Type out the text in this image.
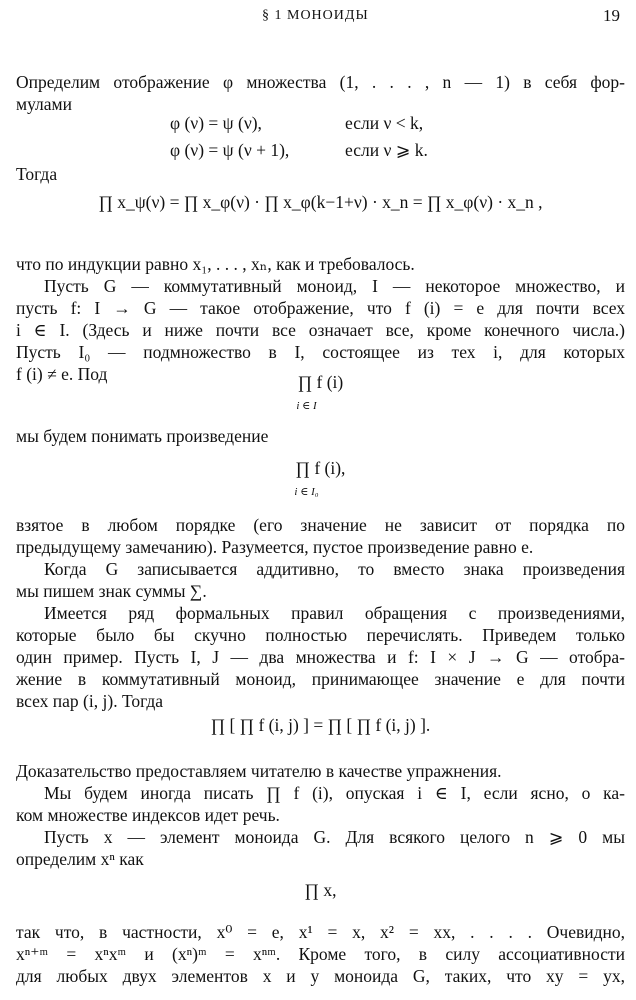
§ 1 МОНОИДЫ	19
Определим отображение φ множества (1, . . . , n — 1) в себя фор-
мулами
φ (ν) = ψ (ν),	если ν < k,
φ (ν) = ψ (ν + 1),	если ν ⩾ k.
Тогда
∏ x_ψ(ν) = ∏ x_φ(ν) · ∏ x_φ(k−1+ν) · x_n = ∏ x_φ(ν) · x_n ,
что по индукции равно x₁, . . . , xₙ, как и требовалось.
Пусть G — коммутативный моноид, I — некоторое множество, и
пусть f: I → G — такое отображение, что f (i) = e для почти всех
i ∈ I. (Здесь и ниже почти все означает все, кроме конечного числа.)
Пусть I₀ — подмножество в I, состоящее из тех i, для которых
f (i) ≠ e. Под	∏ f (i)
i ∈ I
мы будем понимать произведение
∏ f (i),
i ∈ I₀
взятое в любом порядке (его значение не зависит от порядка по
предыдущему замечанию). Разумеется, пустое произведение равно e.
Когда G записывается аддитивно, то вместо знака произведения
мы пишем знак суммы ∑.
Имеется ряд формальных правил обращения с произведениями,
которые было бы скучно полностью перечислять. Приведем только
один пример. Пусть I, J — два множества и f: I × J → G — отобра-
жение в коммутативный моноид, принимающее значение e для почти
всех пар (i, j). Тогда
∏ [ ∏ f (i, j) ] = ∏ [ ∏ f (i, j) ].
Доказательство предоставляем читателю в качестве упражнения.
Мы будем иногда писать ∏ f (i), опуская i ∈ I, если ясно, о ка-
ком множестве индексов идет речь.
Пусть x — элемент моноида G. Для всякого целого n ⩾ 0 мы
определим xⁿ как
∏ x,
так что, в частности, x⁰ = e, x¹ = x, x² = xx, . . . . Очевидно,
xⁿ⁺ᵐ = xⁿxᵐ и (xⁿ)ᵐ = xⁿᵐ. Кроме того, в силу ассоциативности
для любых двух элементов x и y моноида G, таких, что xy = yx,
